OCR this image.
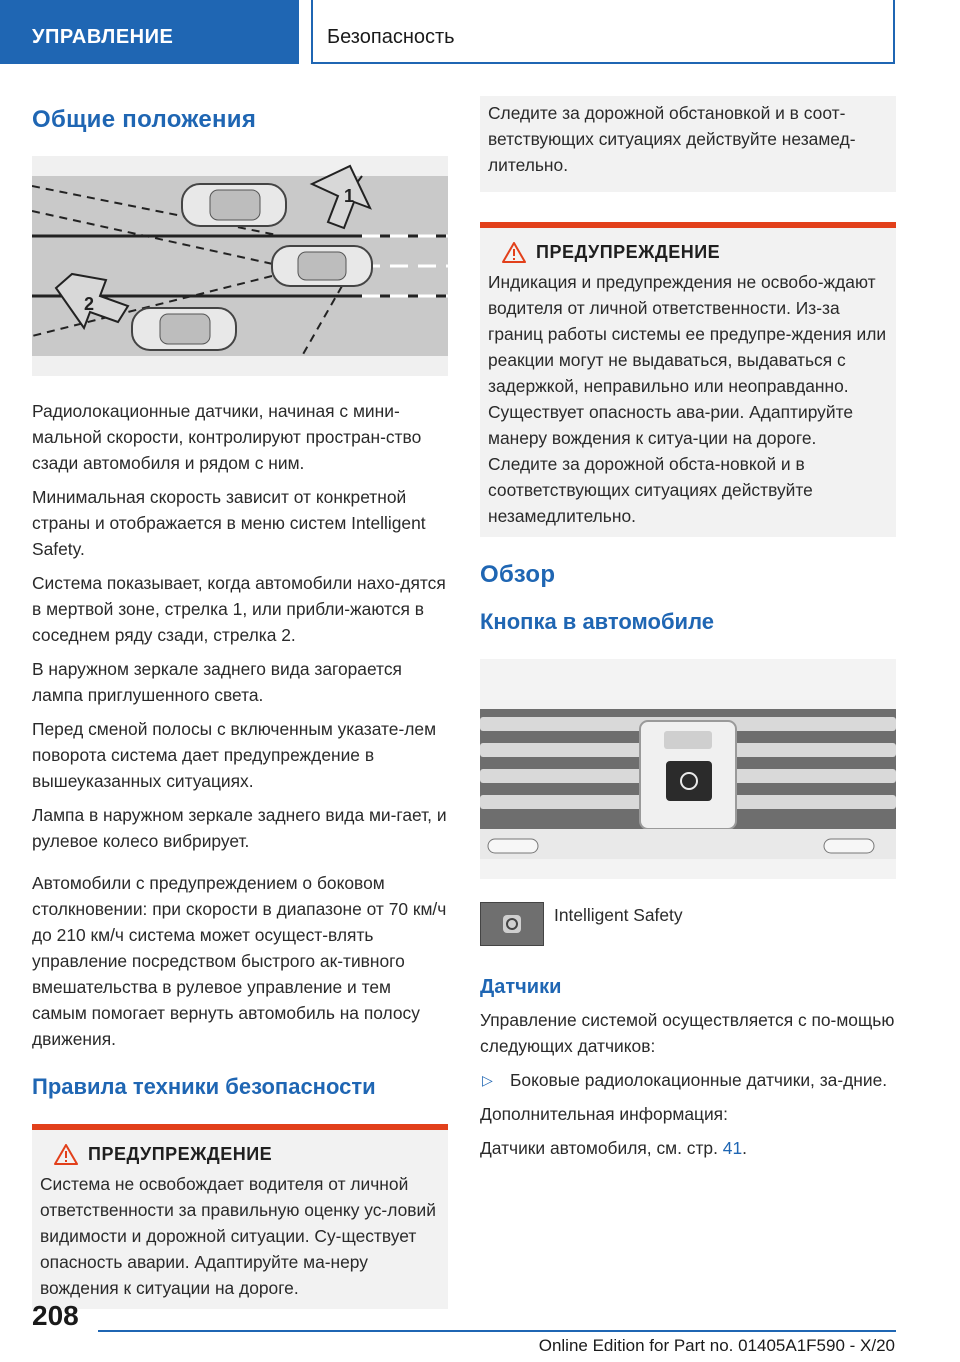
УПРАВЛЕНИЕ	Безопасность
Общие положения
1
2

Радиолокационные датчики, начиная с мини-мальной скорости, контролируют простран-ство сзади автомобиля и рядом с ним.

Минимальная скорость зависит от конкретной страны и отображается в меню систем Intelligent Safety.

Система показывает, когда автомобили нахо-дятся в мертвой зоне, стрелка 1, или прибли-жаются в соседнем ряду сзади, стрелка 2.

В наружном зеркале заднего вида загорается лампа приглушенного света.

Перед сменой полосы с включенным указате-лем поворота система дает предупреждение в вышеуказанных ситуациях.

Лампа в наружном зеркале заднего вида ми-гает, и рулевое колесо вибрирует.

Автомобили с предупреждением о боковом столкновении: при скорости в диапазоне от 70 км/ч до 210 км/ч система может осущест-влять управление посредством быстрого ак-тивного вмешательства в рулевое управление и тем самым помогает вернуть автомобиль на полосу движения.

Правила техники безопасности
ПРЕДУПРЕЖДЕНИЕ

Система не освобождает водителя от личной ответственности за правильную оценку ус-ловий видимости и дорожной ситуации. Су-ществует опасность аварии. Адаптируйте ма-неру вождения к ситуации на дороге.

Следите за дорожной обстановкой и в соот-ветствующих ситуациях действуйте незамед-лительно.

ПРЕДУПРЕЖДЕНИЕ

Индикация и предупреждения не освобо-ждают водителя от личной ответственности. Из-за границ работы системы ее предупре-ждения или реакции могут не выдаваться, выдаваться с задержкой, неправильно или неоправданно. Существует опасность ава-рии. Адаптируйте манеру вождения к ситуа-ции на дороге. Следите за дорожной обста-новкой и в соответствующих ситуациях действуйте незамедлительно.

Обзор
Кнопка в автомобиле
Intelligent Safety
Датчики

Управление системой осуществляется с по-мощью следующих датчиков:

▷ Боковые радиолокационные датчики, за-дние.

Дополнительная информация:

Датчики автомобиля, см. стр. 41.

208
Online Edition for Part no. 01405A1F590 - X/20
